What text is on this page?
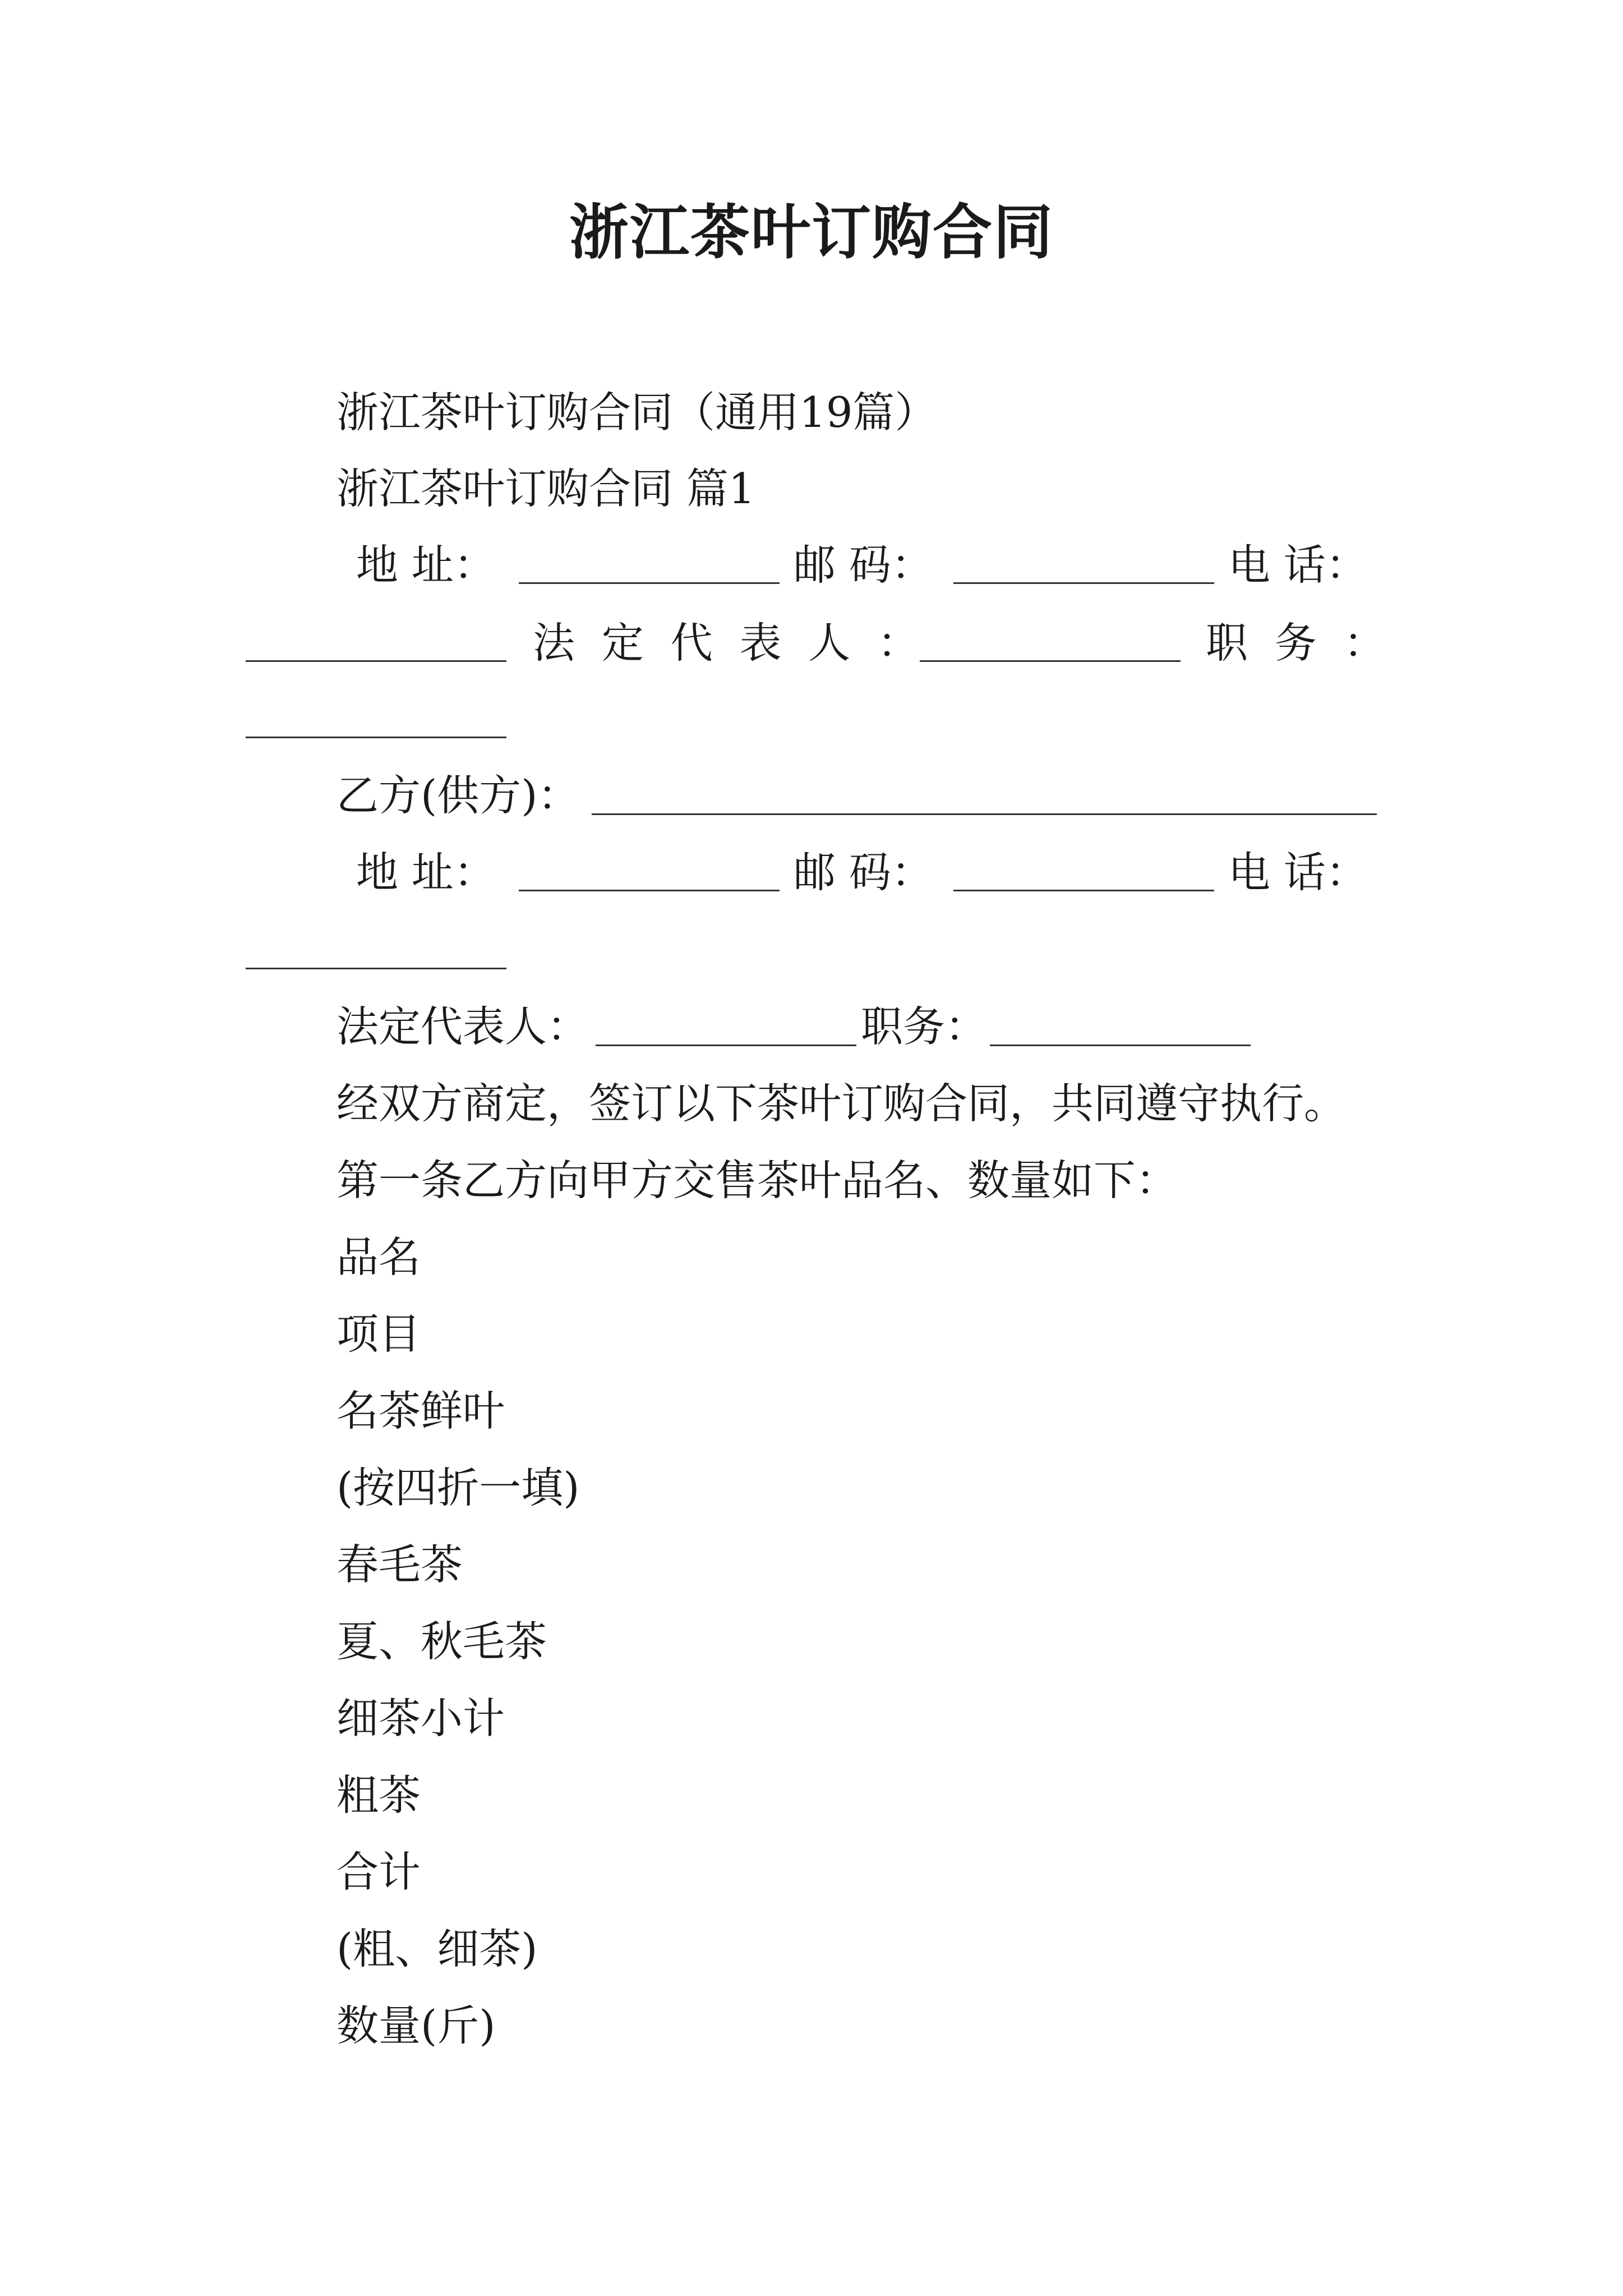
浙江茶叶订购合同
浙江茶叶订购合同（通用19篇）
浙江茶叶订购合同 篇1
地 址：	邮 码：	电 话：
法 定 代 表 人 ：	职 务 ：
乙方(供方)：
地 址：	邮 码：	电 话：
法定代表人：	职务：
经双方商定，签订以下茶叶订购合同，共同遵守执行。
第一条乙方向甲方交售茶叶品名、数量如下：
品名
项目
名茶鲜叶
(按四折一填)
春毛茶
夏、秋毛茶
细茶小计
粗茶
合计
(粗、细茶)
数量(斤)
